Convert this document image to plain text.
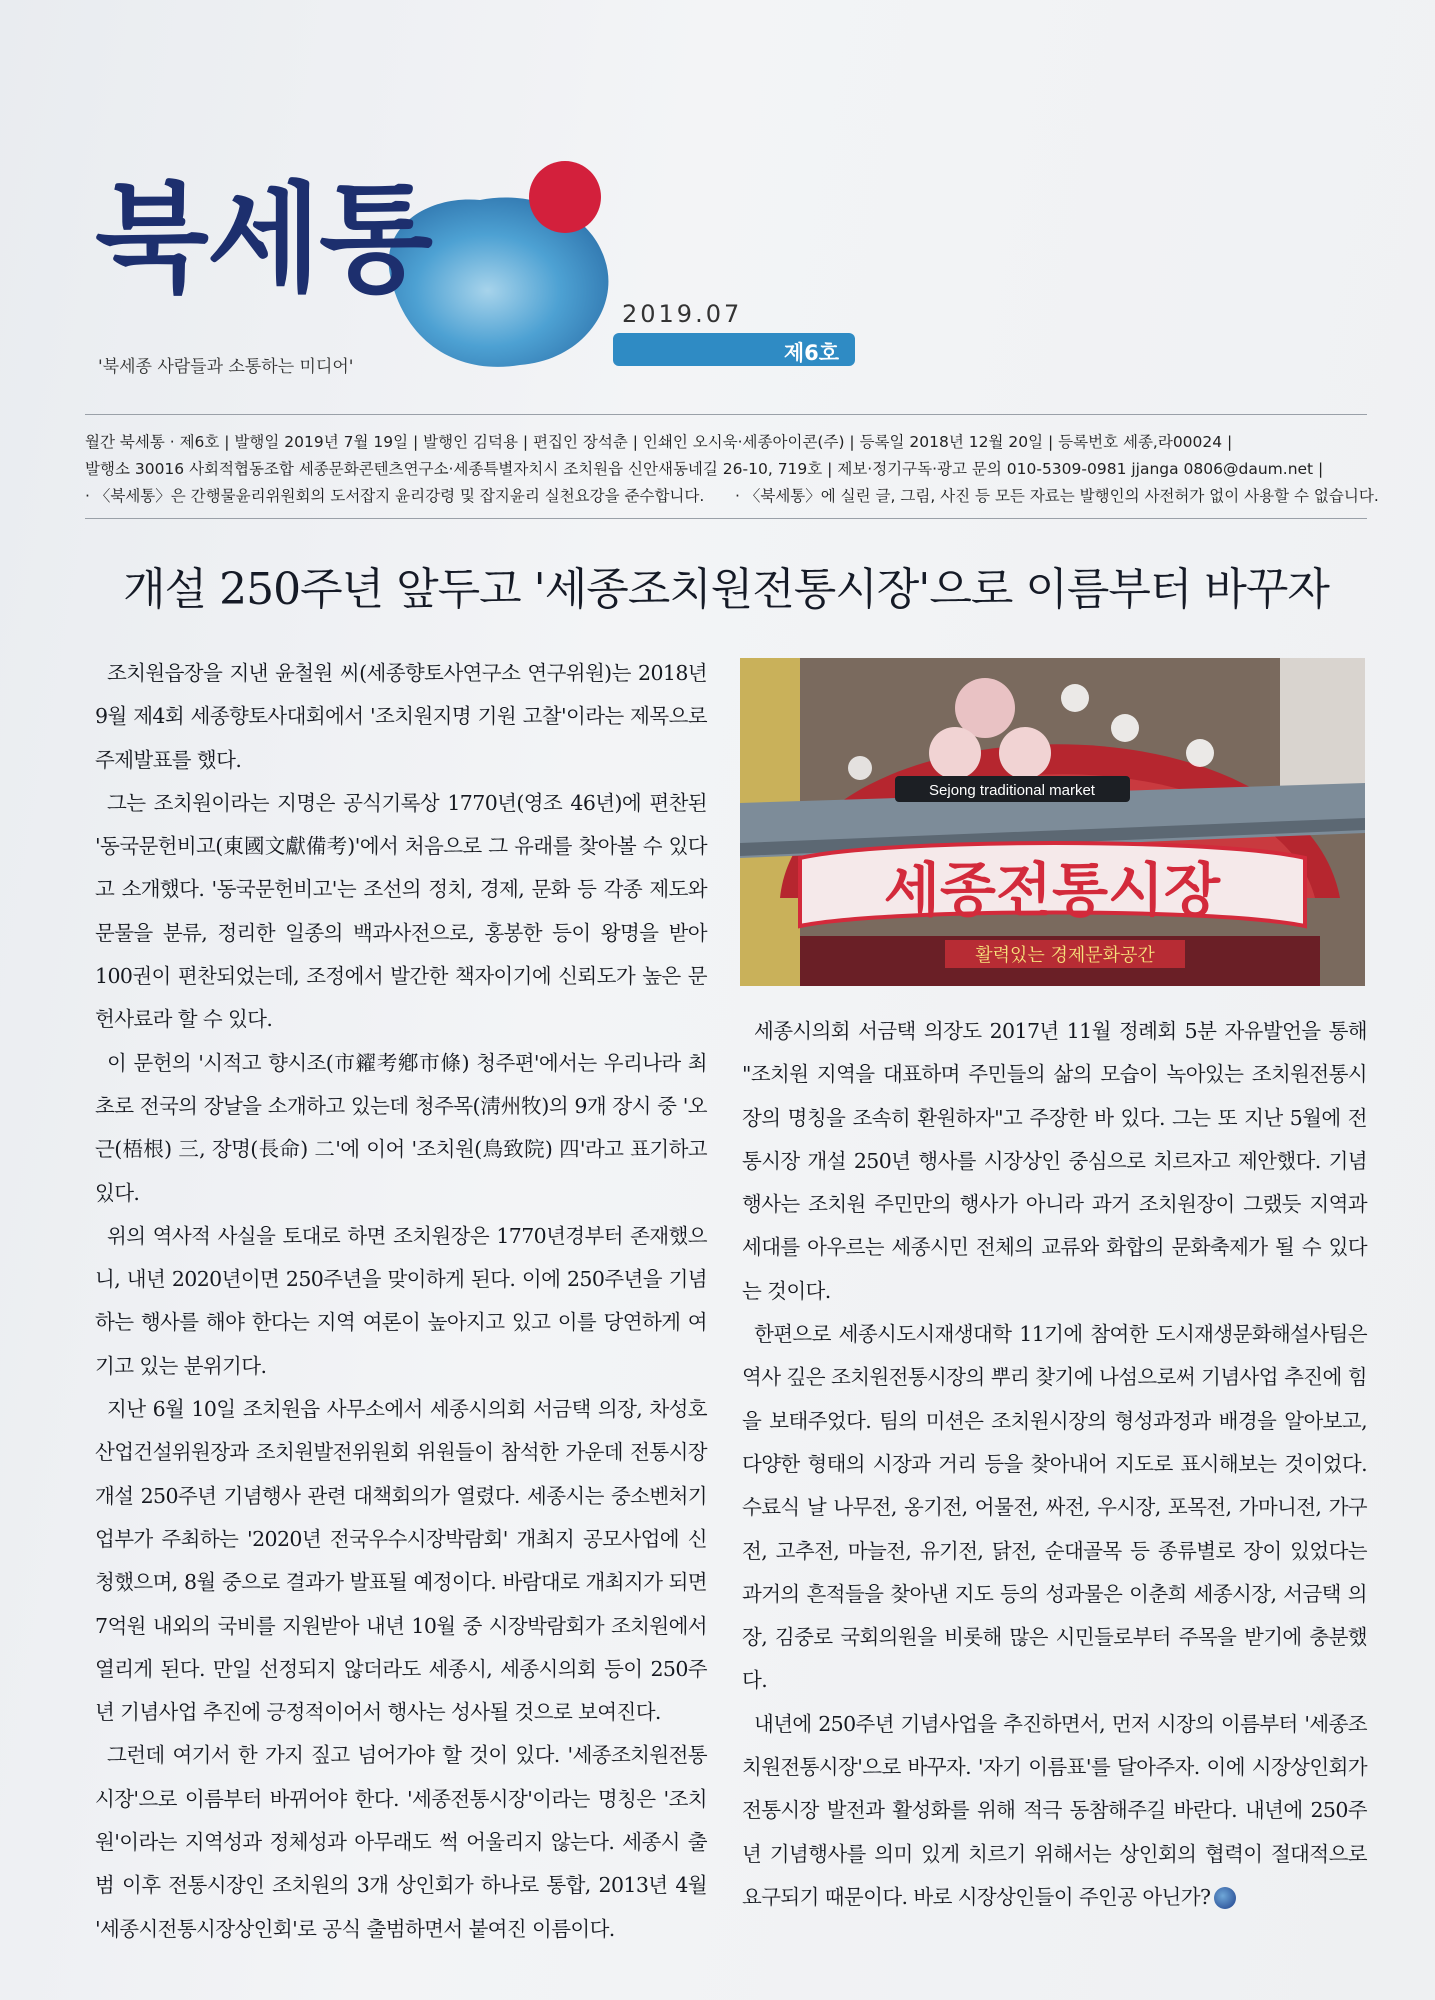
북세통
'북세종 사람들과 소통하는 미디어'
2019.07
제6호
월간 북세통 · 제6호 | 발행일 2019년 7월 19일 | 발행인 김덕용 | 편집인 장석춘 | 인쇄인 오시욱·세종아이콘(주) | 등록일 2018년 12월 20일 | 등록번호 세종,라00024 |
발행소 30016 사회적협동조합 세종문화콘텐츠연구소·세종특별자치시 조치원읍 신안새동네길 26-10, 719호 | 제보·정기구독·광고 문의 010-5309-0981 jjanga 0806@daum.net |
· 〈북세통〉은 간행물윤리위원회의 도서잡지 윤리강령 및 잡지윤리 실천요강을 준수합니다.	· 〈북세통〉에 실린 글, 그림, 사진 등 모든 자료는 발행인의 사전허가 없이 사용할 수 없습니다.
개설 250주년 앞두고 '세종조치원전통시장'으로 이름부터 바꾸자

조치원읍장을 지낸 윤철원 씨(세종향토사연구소 연구위원)는 2018년 9월 제4회 세종향토사대회에서 '조치원지명 기원 고찰'이라는 제목으로 주제발표를 했다.

그는 조치원이라는 지명은 공식기록상 1770년(영조 46년)에 편찬된 '동국문헌비고(東國文獻備考)'에서 처음으로 그 유래를 찾아볼 수 있다고 소개했다. '동국문헌비고'는 조선의 정치, 경제, 문화 등 각종 제도와 문물을 분류, 정리한 일종의 백과사전으로, 홍봉한 등이 왕명을 받아 100권이 편찬되었는데, 조정에서 발간한 책자이기에 신뢰도가 높은 문헌사료라 할 수 있다.

이 문헌의 '시적고 향시조(市糴考鄕市條) 청주편'에서는 우리나라 최초로 전국의 장날을 소개하고 있는데 청주목(淸州牧)의 9개 장시 중 '오근(梧根) 三, 장명(長命) 二'에 이어 '조치원(鳥致院) 四'라고 표기하고 있다.

위의 역사적 사실을 토대로 하면 조치원장은 1770년경부터 존재했으니, 내년 2020년이면 250주년을 맞이하게 된다. 이에 250주년을 기념하는 행사를 해야 한다는 지역 여론이 높아지고 있고 이를 당연하게 여기고 있는 분위기다.

지난 6월 10일 조치원읍 사무소에서 세종시의회 서금택 의장, 차성호 산업건설위원장과 조치원발전위원회 위원들이 참석한 가운데 전통시장 개설 250주년 기념행사 관련 대책회의가 열렸다. 세종시는 중소벤처기업부가 주최하는 '2020년 전국우수시장박람회' 개최지 공모사업에 신청했으며, 8월 중으로 결과가 발표될 예정이다. 바람대로 개최지가 되면 7억원 내외의 국비를 지원받아 내년 10월 중 시장박람회가 조치원에서 열리게 된다. 만일 선정되지 않더라도 세종시, 세종시의회 등이 250주년 기념사업 추진에 긍정적이어서 행사는 성사될 것으로 보여진다.

그런데 여기서 한 가지 짚고 넘어가야 할 것이 있다. '세종조치원전통시장'으로 이름부터 바뀌어야 한다. '세종전통시장'이라는 명칭은 '조치원'이라는 지역성과 정체성과 아무래도 썩 어울리지 않는다. 세종시 출범 이후 전통시장인 조치원의 3개 상인회가 하나로 통합, 2013년 4월 '세종시전통시장상인회'로 공식 출범하면서 붙여진 이름이다.

Sejong traditional market
세종전통시장
활력있는 경제문화공간

세종시의회 서금택 의장도 2017년 11월 정례회 5분 자유발언을 통해 "조치원 지역을 대표하며 주민들의 삶의 모습이 녹아있는 조치원전통시장의 명칭을 조속히 환원하자"고 주장한 바 있다. 그는 또 지난 5월에 전통시장 개설 250년 행사를 시장상인 중심으로 치르자고 제안했다. 기념행사는 조치원 주민만의 행사가 아니라 과거 조치원장이 그랬듯 지역과 세대를 아우르는 세종시민 전체의 교류와 화합의 문화축제가 될 수 있다는 것이다.

한편으로 세종시도시재생대학 11기에 참여한 도시재생문화해설사팀은 역사 깊은 조치원전통시장의 뿌리 찾기에 나섬으로써 기념사업 추진에 힘을 보태주었다. 팀의 미션은 조치원시장의 형성과정과 배경을 알아보고, 다양한 형태의 시장과 거리 등을 찾아내어 지도로 표시해보는 것이었다. 수료식 날 나무전, 옹기전, 어물전, 싸전, 우시장, 포목전, 가마니전, 가구전, 고추전, 마늘전, 유기전, 닭전, 순대골목 등 종류별로 장이 있었다는 과거의 흔적들을 찾아낸 지도 등의 성과물은 이춘희 세종시장, 서금택 의장, 김중로 국회의원을 비롯해 많은 시민들로부터 주목을 받기에 충분했다.

내년에 250주년 기념사업을 추진하면서, 먼저 시장의 이름부터 '세종조치원전통시장'으로 바꾸자. '자기 이름표'를 달아주자. 이에 시장상인회가 전통시장 발전과 활성화를 위해 적극 동참해주길 바란다. 내년에 250주년 기념행사를 의미 있게 치르기 위해서는 상인회의 협력이 절대적으로 요구되기 때문이다. 바로 시장상인들이 주인공 아닌가?
